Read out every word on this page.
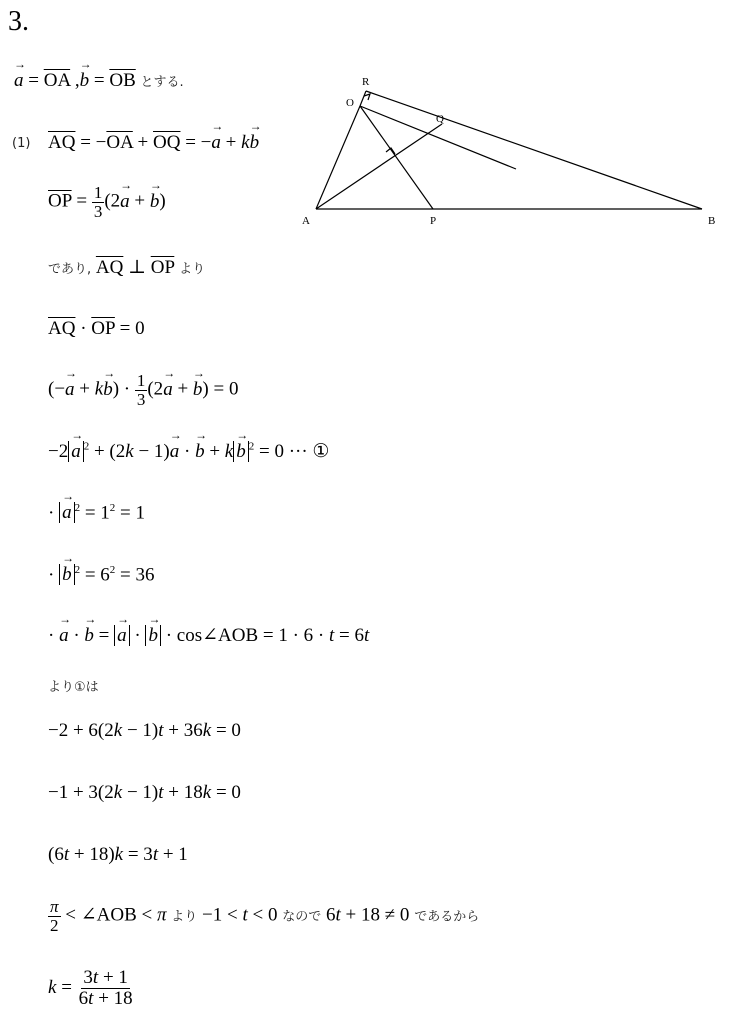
3.
→ $a = \overline{OA}$ ,→ $b = \overline{OB}$ とする.
(1) $\overline{AQ} = -\overline{OA} + \overline{OQ}$ = −→ a + k→ b
$\overline{OP} = \frac{1}{3} (2\to a$ + → b)
であり, $\overline{AQ}$ ⊥ $\overline{OP}$ より
$\overline{AQ} \cdot \overline{OP} = 0$
(−→ $a + k\to b) \cdot \frac{1}{3} (2\to a$ + → b) = 0
−2 → a $^2$ + (2k − 1)→ a · → b + k → b $^2$ = 0 ··· ①
· → a $^2 = 1^2 = 1$
· → b $^2 = 6^2 = 36$
· → a · → b = → a · → b · cos∠AOB = 1 · 6 · t = 6t
より①は
−2 + 6(2k − 1)t + 36k = 0
−1 + 3(2k − 1)t + 18k = 0
(6t + 18)k = 3t + 1
$\frac{\pi}{2}$ < ∠AOB < π より −1 < t < 0 なので 6t + 18 ≠ 0 であるから
$k = \frac{3t + 1}{6t + 18}$
R
O
Q
A	P	B
